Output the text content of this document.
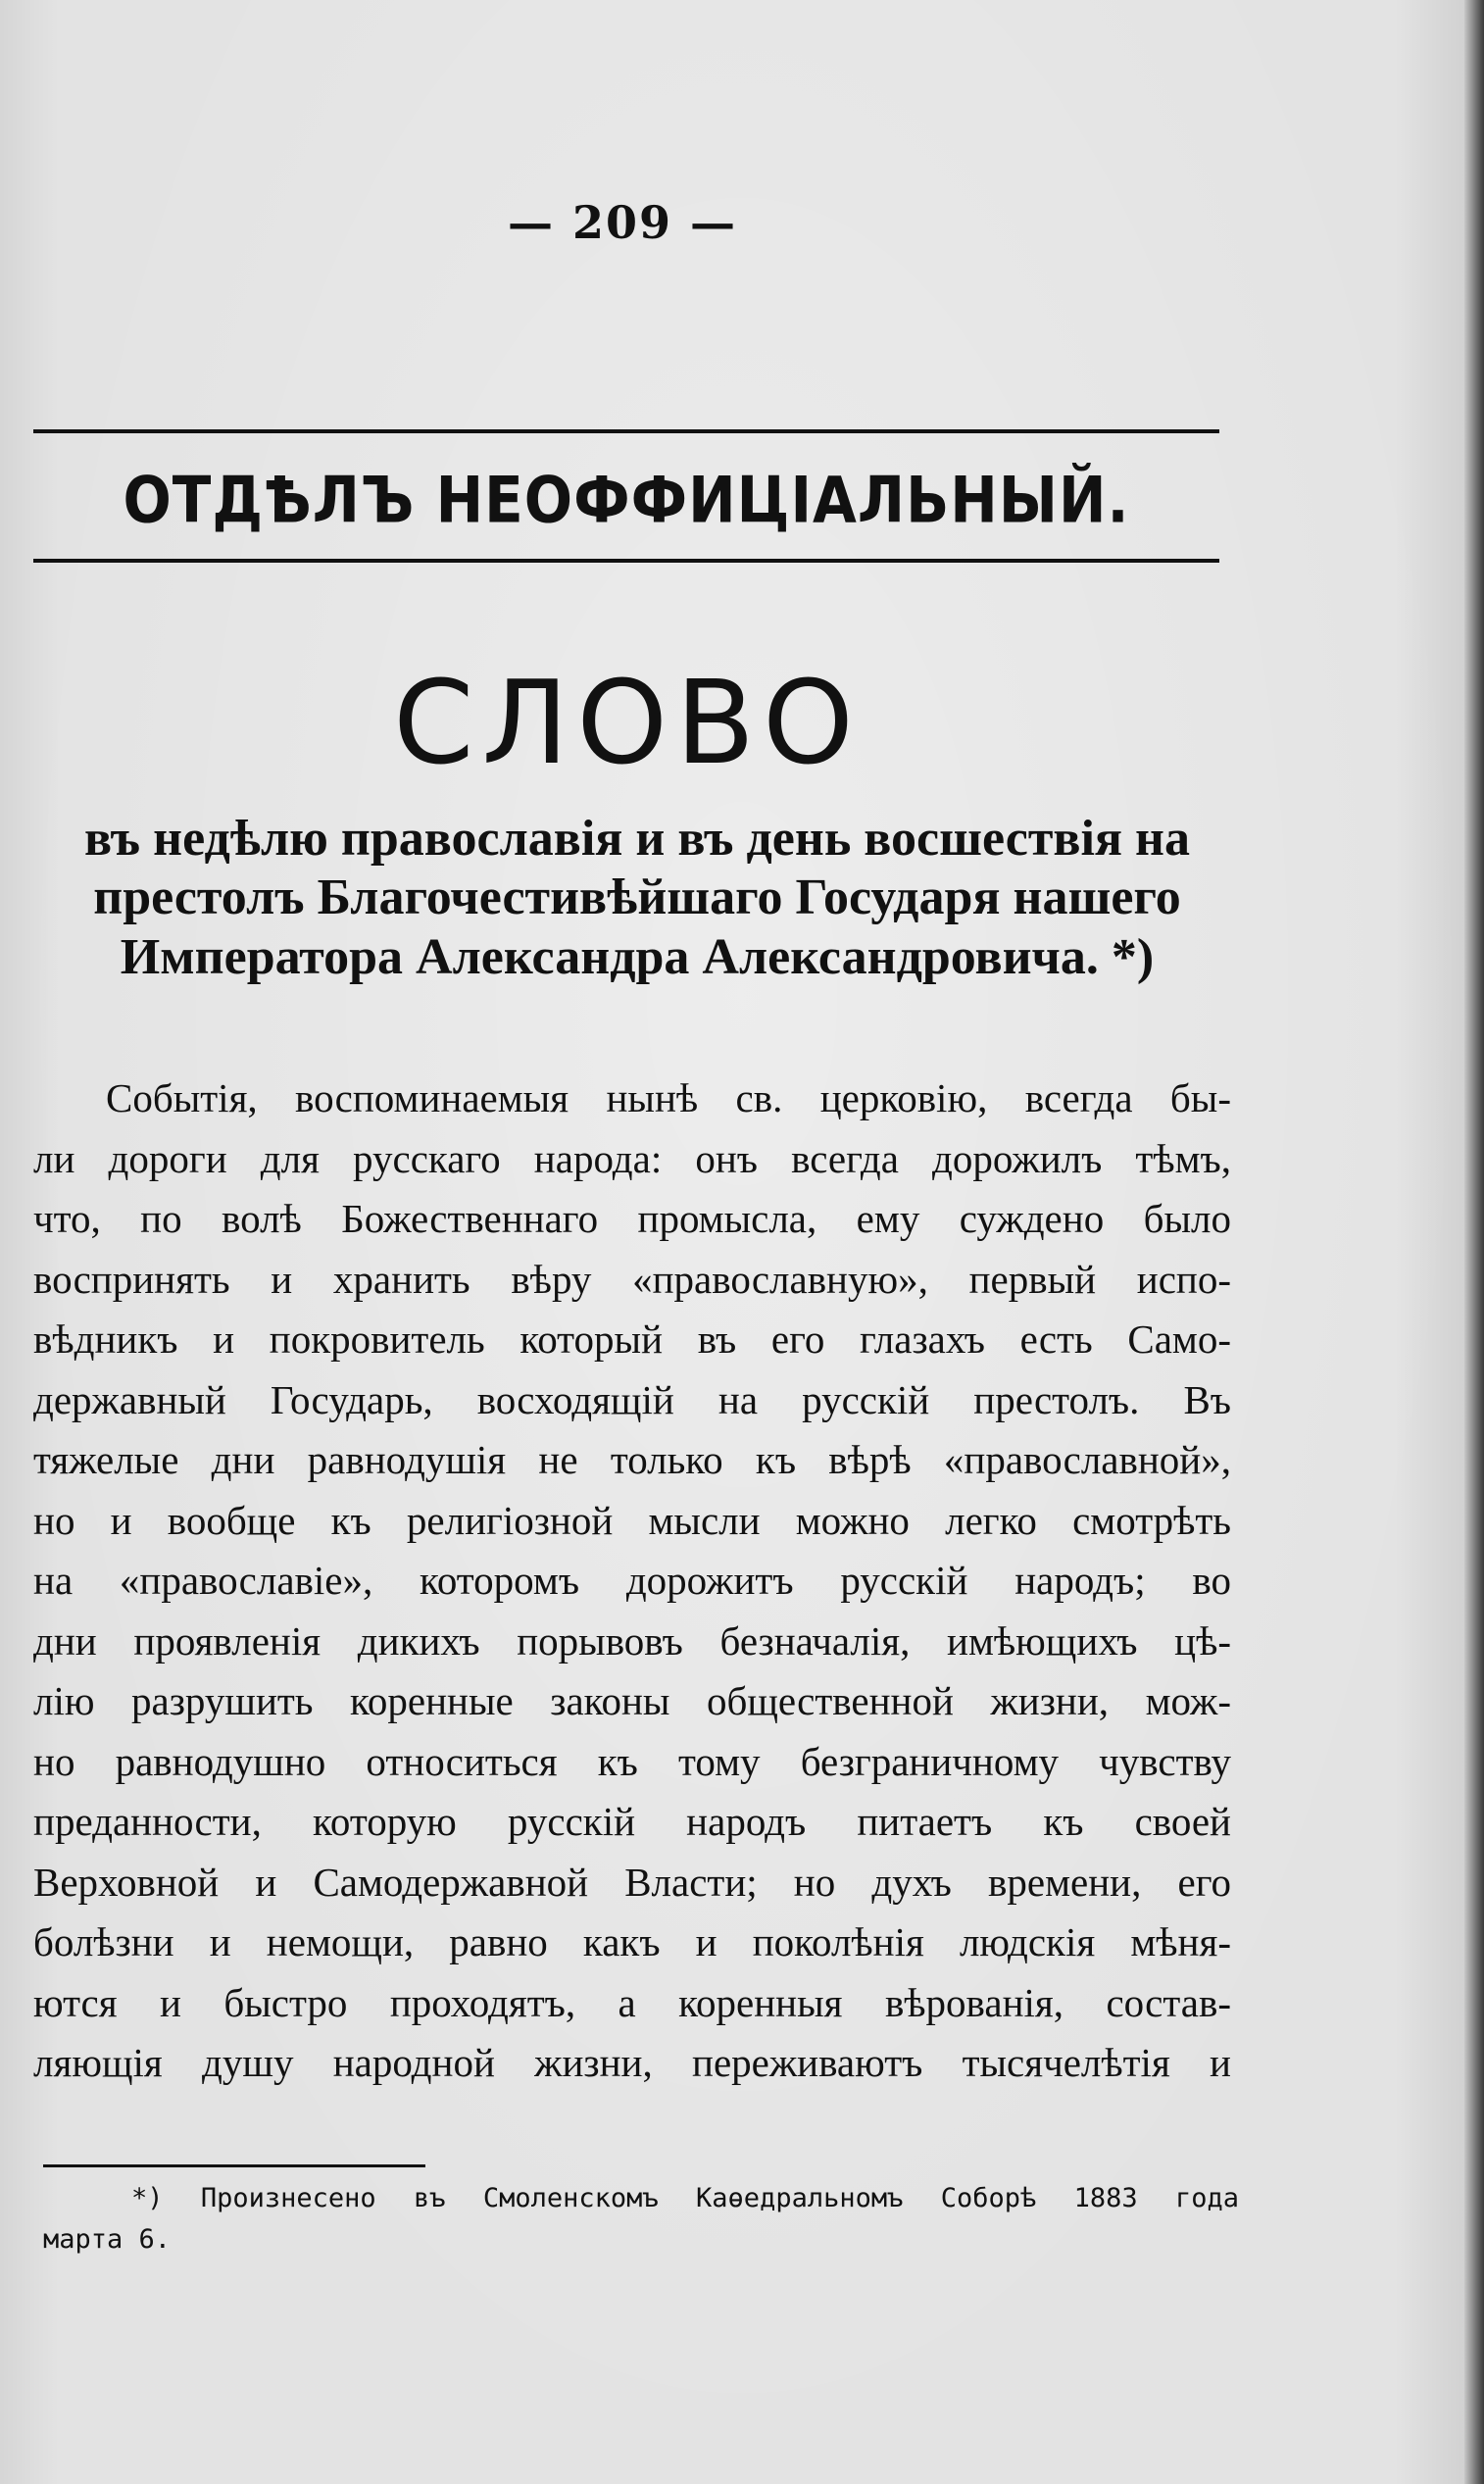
— 209 —
ОТДѢЛЪ НЕОФФИЦІАЛЬНЫЙ.
СЛОВО
въ недѣлю православія и въ день восшествія на
престолъ Благочестивѣйшаго Государя нашего
Императора Александра Александровича. *)
Событія, воспоминаемыя нынѣ св. церковію, всегда бы-
ли дороги для русскаго народа: онъ всегда дорожилъ тѣмъ,
что, по волѣ Божественнаго промысла, ему суждено было
воспринять и хранить вѣру «православную», первый испо-
вѣдникъ и покровитель который въ его глазахъ есть Само-
державный Государь, восходящій на русскій престолъ. Въ
тяжелые дни равнодушія не только къ вѣрѣ «православной»,
но и вообще къ религіозной мысли можно легко смотрѣть
на «православіе», которомъ дорожитъ русскій народъ; во
дни проявленія дикихъ порывовъ безначалія, имѣющихъ цѣ-
лію разрушить коренные законы общественной жизни, мож-
но равнодушно относиться къ тому безграничному чувству
преданности, которую русскій народъ питаетъ къ своей
Верховной и Самодержавной Власти; но духъ времени, его
болѣзни и немощи, равно какъ и поколѣнія людскія мѣня-
ются и быстро проходятъ, а коренныя вѣрованія, состав-
ляющія душу народной жизни, переживаютъ тысячелѣтія и
*) Произнесено въ Смоленскомъ Каѳедральномъ Соборѣ 1883 года
марта 6.
